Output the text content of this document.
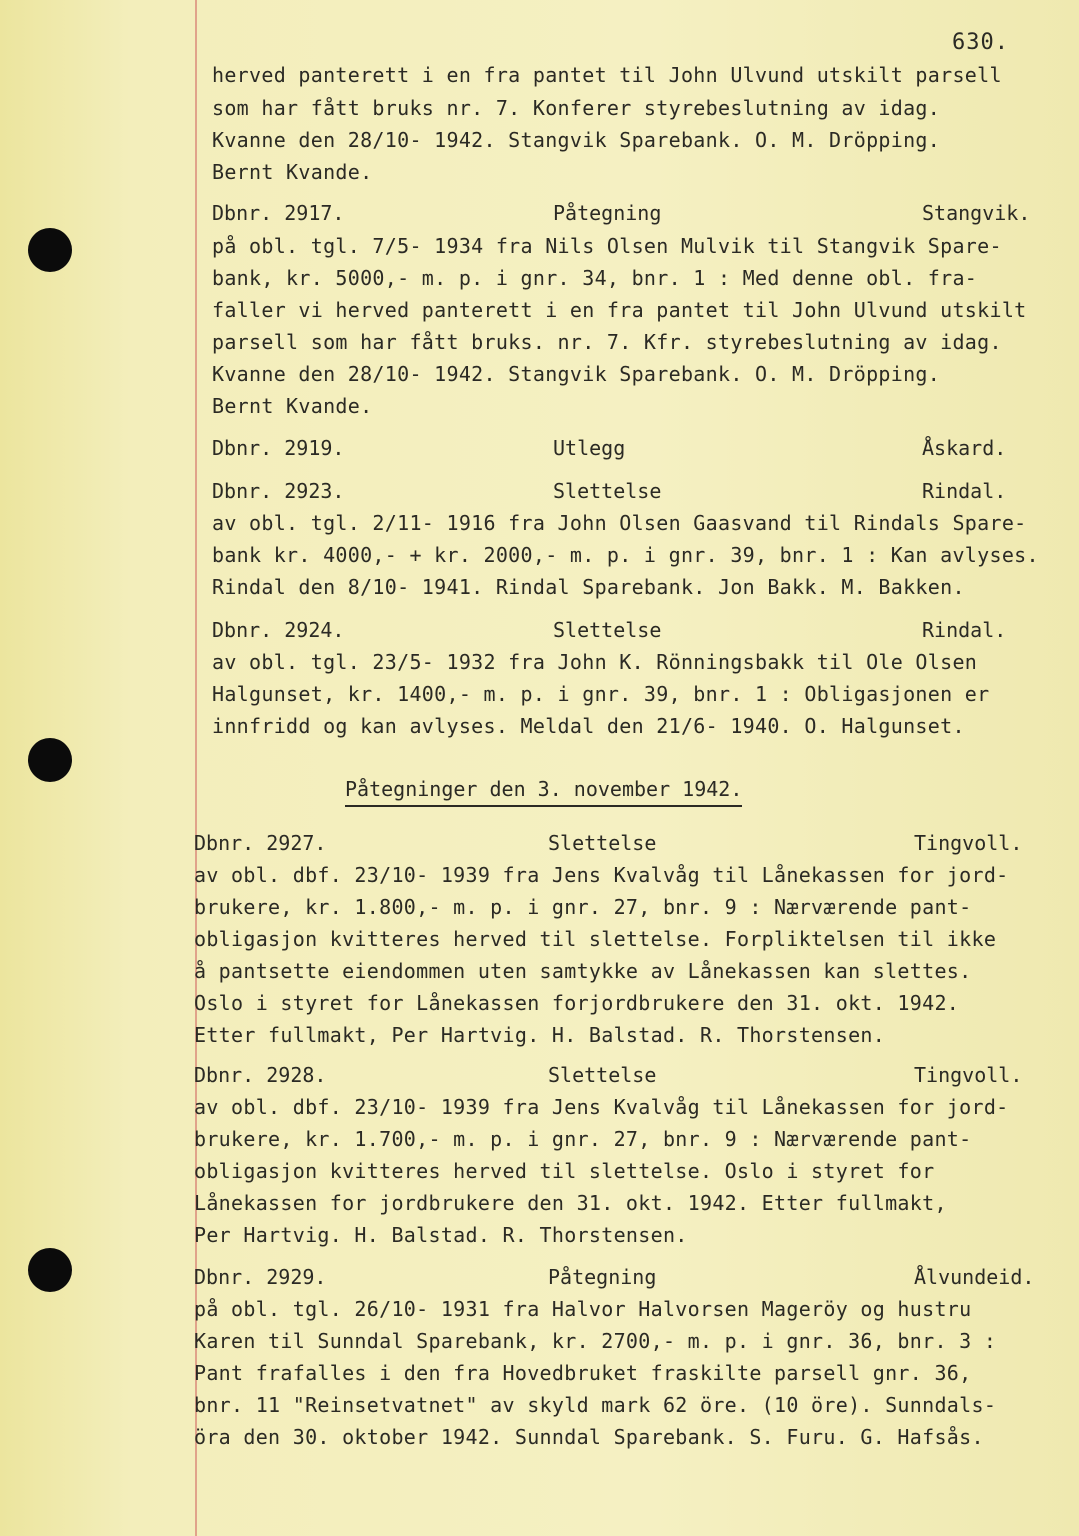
630.
herved panterett i en fra pantet til John Ulvund utskilt parsell
som har fått bruks nr. 7. Konferer styrebeslutning av idag.
Kvanne den 28/10- 1942. Stangvik Sparebank. O. M. Dröpping.
Bernt Kvande.
Dbnr. 2917.	Påtegning	Stangvik.
på obl. tgl. 7/5- 1934 fra Nils Olsen Mulvik til Stangvik Spare-
bank, kr. 5000,- m. p. i gnr. 34, bnr. 1 : Med denne obl. fra-
faller vi herved panterett i en fra pantet til John Ulvund utskilt
parsell som har fått bruks. nr. 7. Kfr. styrebeslutning av idag.
Kvanne den 28/10- 1942. Stangvik Sparebank. O. M. Dröpping.
Bernt Kvande.
Dbnr. 2919.	Utlegg	Åskard.
Dbnr. 2923.	Slettelse	Rindal.
av obl. tgl. 2/11- 1916 fra John Olsen Gaasvand til Rindals Spare-
bank kr. 4000,- + kr. 2000,- m. p. i gnr. 39, bnr. 1 : Kan avlyses.
Rindal den 8/10- 1941. Rindal Sparebank. Jon Bakk. M. Bakken.
Dbnr. 2924.	Slettelse	Rindal.
av obl. tgl. 23/5- 1932 fra John K. Rönningsbakk til Ole Olsen
Halgunset, kr. 1400,- m. p. i gnr. 39, bnr. 1 : Obligasjonen er
innfridd og kan avlyses. Meldal den 21/6- 1940. O. Halgunset.
Påtegninger den 3. november 1942.
Dbnr. 2927.	Slettelse	Tingvoll.
av obl. dbf. 23/10- 1939 fra Jens Kvalvåg til Lånekassen for jord-
brukere, kr. 1.800,- m. p. i gnr. 27, bnr. 9 : Nærværende pant-
obligasjon kvitteres herved til slettelse. Forpliktelsen til ikke
å pantsette eiendommen uten samtykke av Lånekassen kan slettes.
Oslo i styret for Lånekassen forjordbrukere den 31. okt. 1942.
Etter fullmakt, Per Hartvig. H. Balstad. R. Thorstensen.
Dbnr. 2928.	Slettelse	Tingvoll.
av obl. dbf. 23/10- 1939 fra Jens Kvalvåg til Lånekassen for jord-
brukere, kr. 1.700,- m. p. i gnr. 27, bnr. 9 : Nærværende pant-
obligasjon kvitteres herved til slettelse. Oslo i styret for
Lånekassen for jordbrukere den 31. okt. 1942. Etter fullmakt,
Per Hartvig. H. Balstad. R. Thorstensen.
Dbnr. 2929.	Påtegning	Ålvundeid.
på obl. tgl. 26/10- 1931 fra Halvor Halvorsen Mageröy og hustru
Karen til Sunndal Sparebank, kr. 2700,- m. p. i gnr. 36, bnr. 3 :
Pant frafalles i den fra Hovedbruket fraskilte parsell gnr. 36,
bnr. 11 "Reinsetvatnet" av skyld mark 62 öre. (10 öre). Sunndals-
öra den 30. oktober 1942. Sunndal Sparebank. S. Furu. G. Hafsås.
